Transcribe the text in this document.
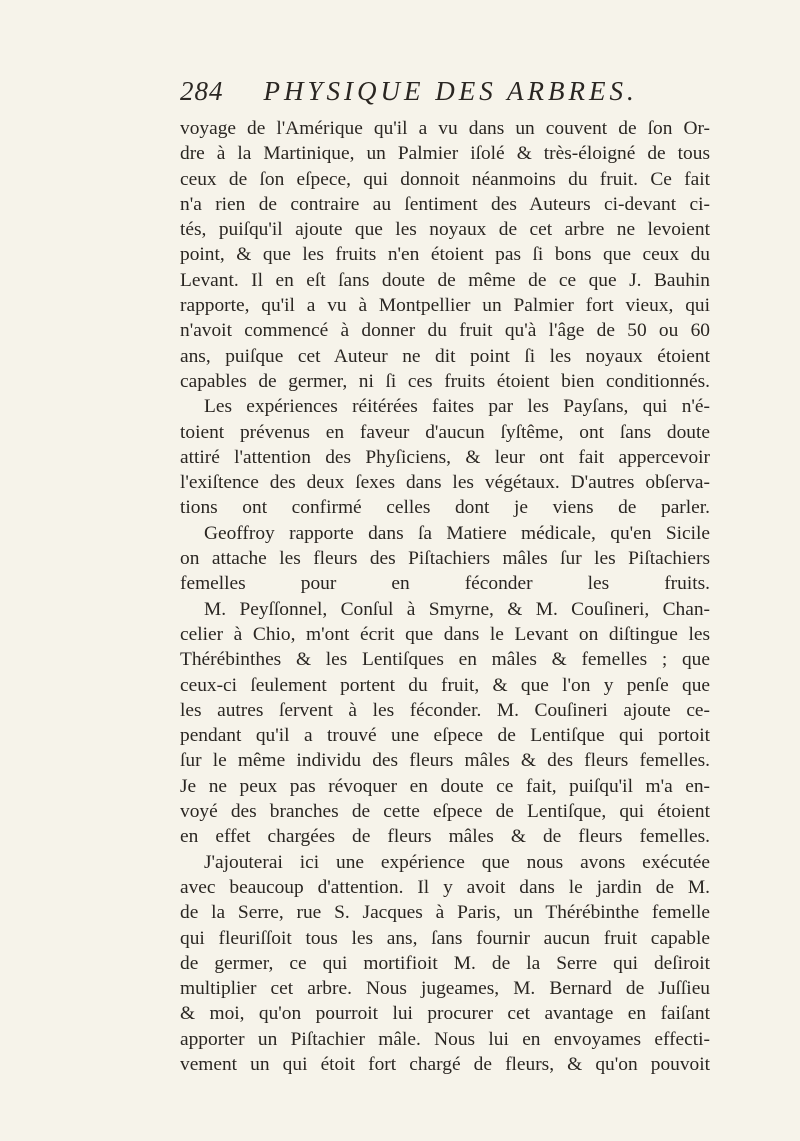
284 PHYSIQUE DES ARBRES.
voyage de l'Amérique qu'il a vu dans un couvent de ſon Or-
dre à la Martinique, un Palmier iſolé & très-éloigné de tous
ceux de ſon eſpece, qui donnoit néanmoins du fruit. Ce fait
n'a rien de contraire au ſentiment des Auteurs ci-devant ci-
tés, puiſqu'il ajoute que les noyaux de cet arbre ne levoient
point, & que les fruits n'en étoient pas ſi bons que ceux du
Levant. Il en eſt ſans doute de même de ce que J. Bauhin
rapporte, qu'il a vu à Montpellier un Palmier fort vieux, qui
n'avoit commencé à donner du fruit qu'à l'âge de 50 ou 60
ans, puiſque cet Auteur ne dit point ſi les noyaux étoient
capables de germer, ni ſi ces fruits étoient bien conditionnés.
Les expériences réitérées faites par les Payſans, qui n'é-
toient prévenus en faveur d'aucun ſyſtême, ont ſans doute
attiré l'attention des Phyſiciens, & leur ont fait appercevoir
l'exiſtence des deux ſexes dans les végétaux. D'autres obſerva-
tions ont confirmé celles dont je viens de parler.
Geoffroy rapporte dans ſa Matiere médicale, qu'en Sicile
on attache les fleurs des Piſtachiers mâles ſur les Piſtachiers
femelles pour en féconder les fruits.
M. Peyſſonnel, Conſul à Smyrne, & M. Couſineri, Chan-
celier à Chio, m'ont écrit que dans le Levant on diſtingue les
Thérébinthes & les Lentiſques en mâles & femelles ; que
ceux-ci ſeulement portent du fruit, & que l'on y penſe que
les autres ſervent à les féconder. M. Couſineri ajoute ce-
pendant qu'il a trouvé une eſpece de Lentiſque qui portoit
ſur le même individu des fleurs mâles & des fleurs femelles.
Je ne peux pas révoquer en doute ce fait, puiſqu'il m'a en-
voyé des branches de cette eſpece de Lentiſque, qui étoient
en effet chargées de fleurs mâles & de fleurs femelles.
J'ajouterai ici une expérience que nous avons exécutée
avec beaucoup d'attention. Il y avoit dans le jardin de M.
de la Serre, rue S. Jacques à Paris, un Thérébinthe femelle
qui fleuriſſoit tous les ans, ſans fournir aucun fruit capable
de germer, ce qui mortifioit M. de la Serre qui deſiroit
multiplier cet arbre. Nous jugeames, M. Bernard de Juſſieu
& moi, qu'on pourroit lui procurer cet avantage en faiſant
apporter un Piſtachier mâle. Nous lui en envoyames effecti-
vement un qui étoit fort chargé de fleurs, & qu'on pouvoit
